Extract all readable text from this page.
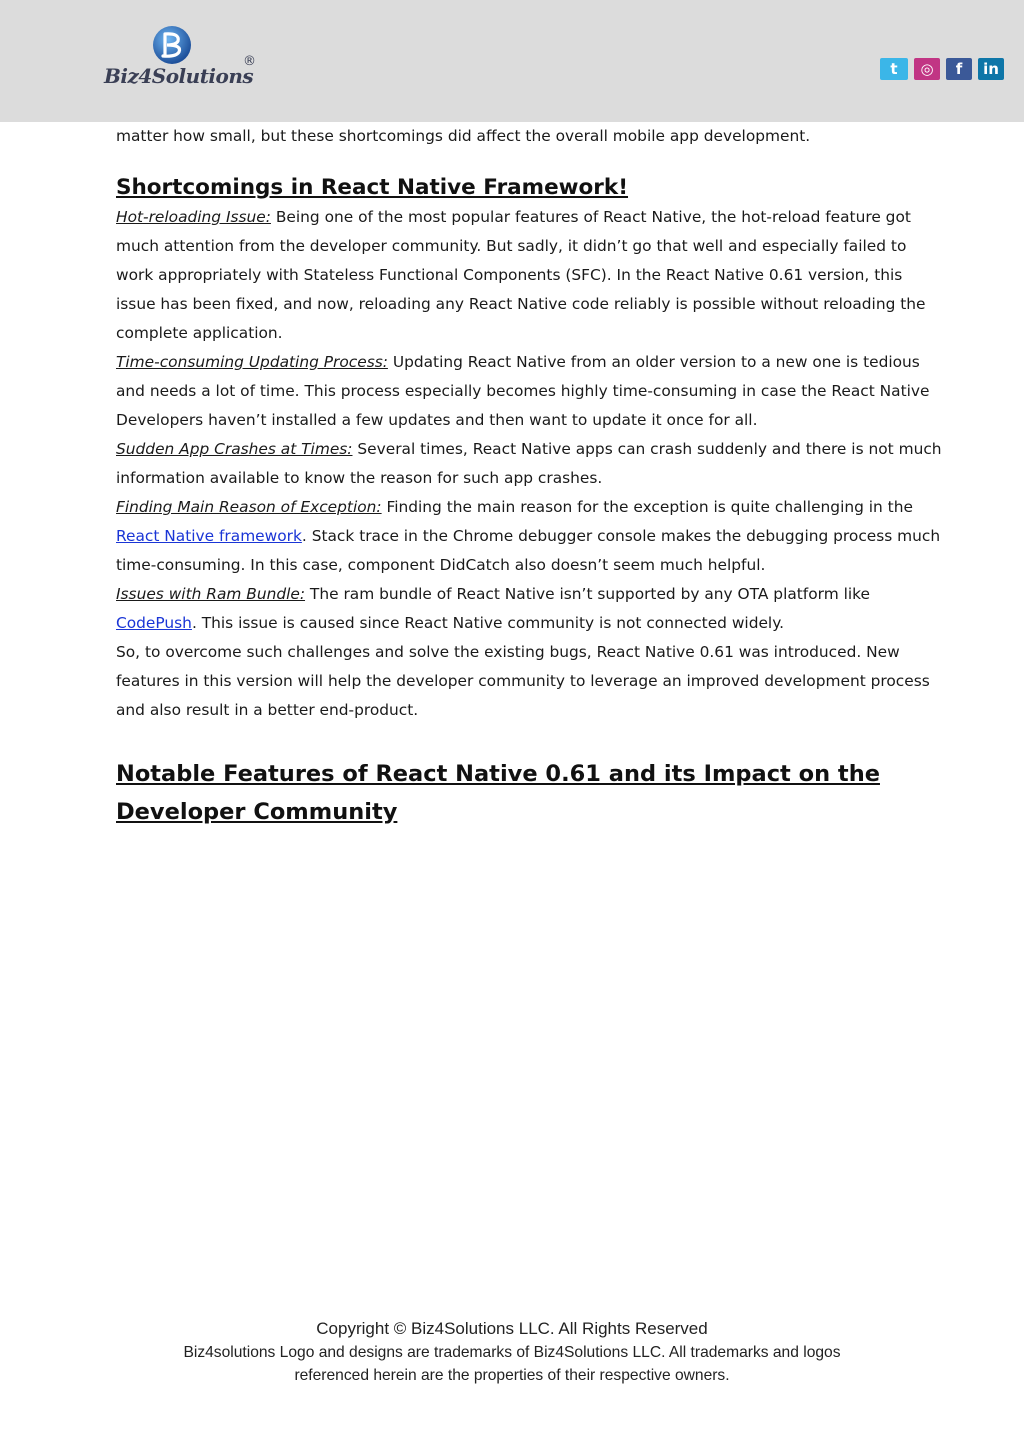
Biz4Solutions
®	t	◎	f	in

matter how small, but these shortcomings did affect the overall mobile app development.

Shortcomings in React Native Framework!

Hot-reloading Issue: Being one of the most popular features of React Native, the hot-reload feature got much attention from the developer community. But sadly, it didn’t go that well and especially failed to work appropriately with Stateless Functional Components (SFC). In the React Native 0.61 version, this issue has been fixed, and now, reloading any React Native code reliably is possible without reloading the complete application.

Time-consuming Updating Process: Updating React Native from an older version to a new one is tedious and needs a lot of time. This process especially becomes highly time-consuming in case the React Native Developers haven’t installed a few updates and then want to update it once for all.

Sudden App Crashes at Times: Several times, React Native apps can crash suddenly and there is not much information available to know the reason for such app crashes.

Finding Main Reason of Exception: Finding the main reason for the exception is quite challenging in the React Native framework. Stack trace in the Chrome debugger console makes the debugging process much time-consuming. In this case, component DidCatch also doesn’t seem much helpful.

Issues with Ram Bundle: The ram bundle of React Native isn’t supported by any OTA platform like CodePush. This issue is caused since React Native community is not connected widely.

So, to overcome such challenges and solve the existing bugs, React Native 0.61 was introduced. New features in this version will help the developer community to leverage an improved development process and also result in a better end-product.

Notable Features of React Native 0.61 and its Impact on the Developer Community
Copyright © Biz4Solutions LLC. All Rights Reserved
Biz4solutions Logo and designs are trademarks of Biz4Solutions LLC. All trademarks and logos referenced herein are the properties of their respective owners.
